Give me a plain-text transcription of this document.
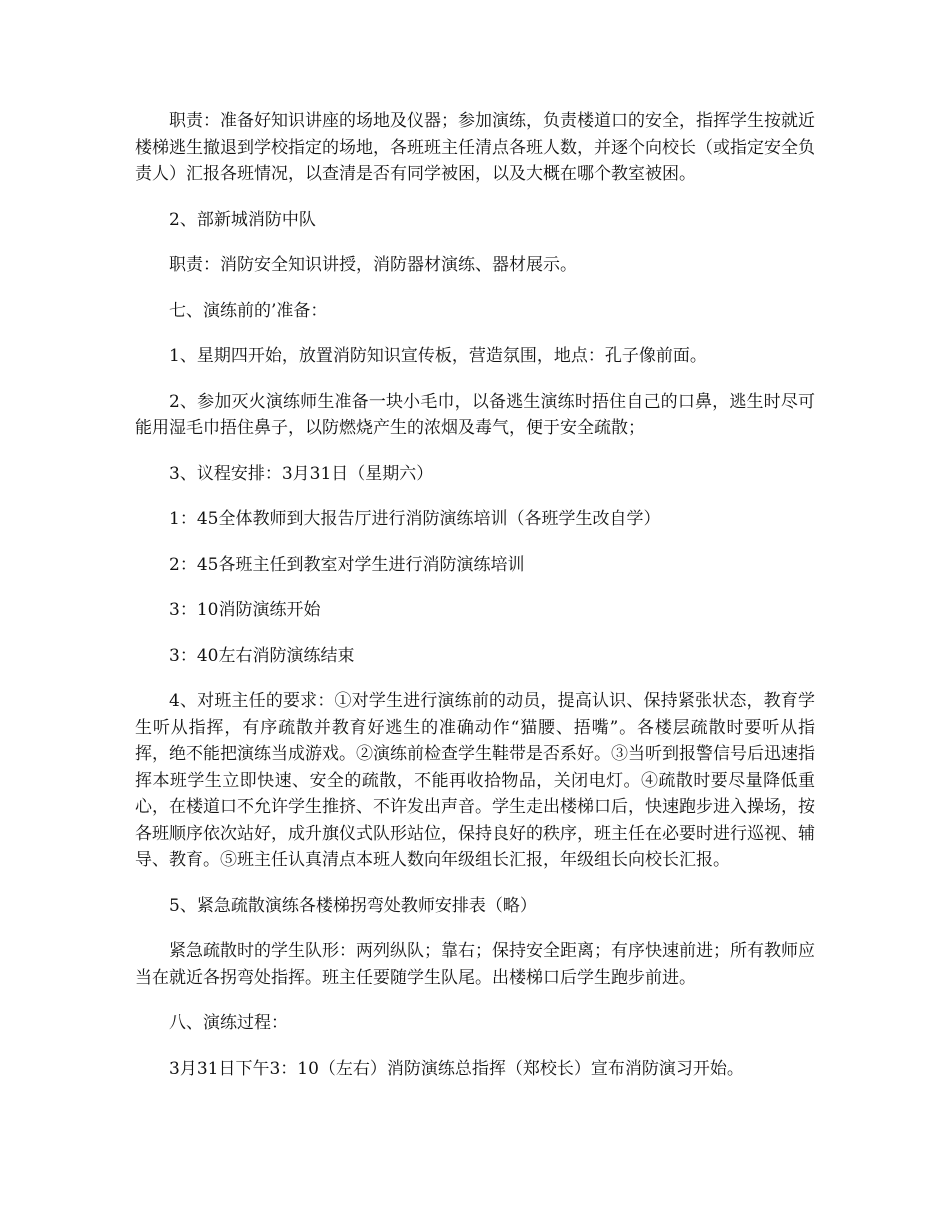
职责：准备好知识讲座的场地及仪器；参加演练，负责楼道口的安全，指挥学生按就近楼梯逃生撤退到学校指定的场地，各班班主任清点各班人数，并逐个向校长（或指定安全负责人）汇报各班情况，以查清是否有同学被困，以及大概在哪个教室被困。

2、部新城消防中队

职责：消防安全知识讲授，消防器材演练、器材展示。

七、演练前的’准备：

1、星期四开始，放置消防知识宣传板，营造氛围，地点：孔子像前面。

2、参加灭火演练师生准备一块小毛巾，以备逃生演练时捂住自己的口鼻，逃生时尽可能用湿毛巾捂住鼻子，以防燃烧产生的浓烟及毒气，便于安全疏散；

3、议程安排：3月31日（星期六）

1：45全体教师到大报告厅进行消防演练培训（各班学生改自学）

2：45各班主任到教室对学生进行消防演练培训

3：10消防演练开始

3：40左右消防演练结束

4、对班主任的要求：①对学生进行演练前的动员，提高认识、保持紧张状态，教育学生听从指挥，有序疏散并教育好逃生的准确动作“猫腰、捂嘴”。各楼层疏散时要听从指挥，绝不能把演练当成游戏。②演练前检查学生鞋带是否系好。③当听到报警信号后迅速指挥本班学生立即快速、安全的疏散，不能再收拾物品，关闭电灯。④疏散时要尽量降低重心，在楼道口不允许学生推挤、不许发出声音。学生走出楼梯口后，快速跑步进入操场，按各班顺序依次站好，成升旗仪式队形站位，保持良好的秩序，班主任在必要时进行巡视、辅导、教育。⑤班主任认真清点本班人数向年级组长汇报，年级组长向校长汇报。

5、紧急疏散演练各楼梯拐弯处教师安排表（略）

紧急疏散时的学生队形：两列纵队；靠右；保持安全距离；有序快速前进；所有教师应当在就近各拐弯处指挥。班主任要随学生队尾。出楼梯口后学生跑步前进。

八、演练过程：

3月31日下午3：10（左右）消防演练总指挥（郑校长）宣布消防演习开始。
